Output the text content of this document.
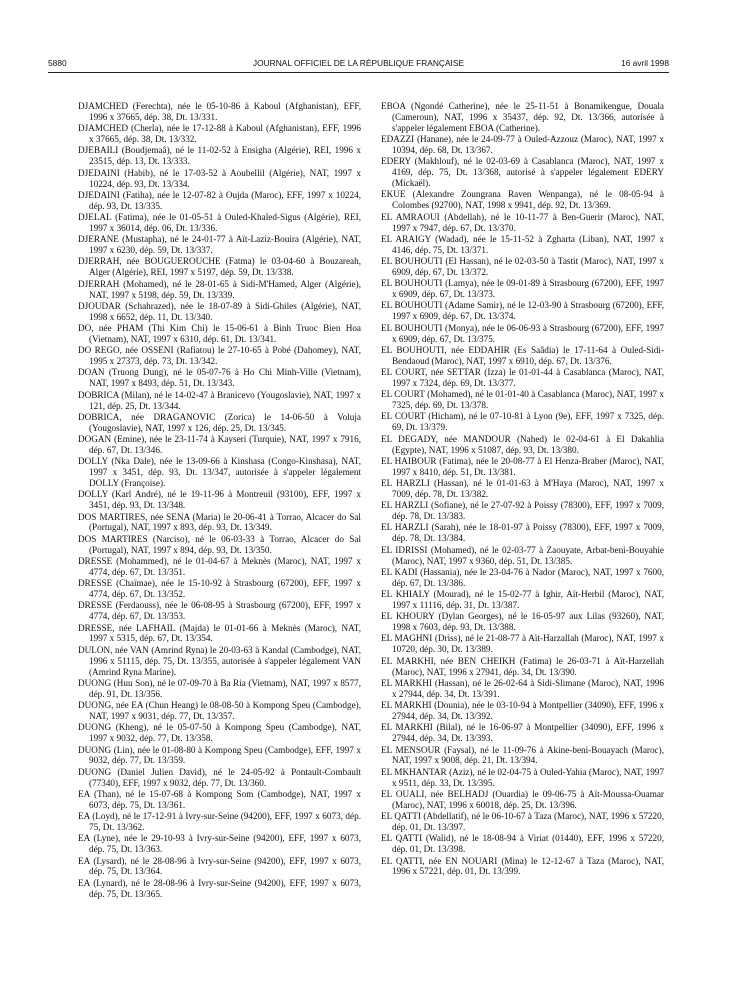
5880	JOURNAL OFFICIEL DE LA RÉPUBLIQUE FRANÇAISE	16 avril 1998

DJAMCHED (Ferechta), née le 05-10-86 à Kaboul (Afghanistan), EFF, 1996 x 37665, dép. 38, Dt. 13/331.

DJAMCHED (Cherla), née le 17-12-88 à Kaboul (Afghanistan), EFF, 1996 x 37665, dép. 38, Dt. 13/332.

DJEBAILI (Boudjemaâ), né le 11-02-52 à Ensigha (Algérie), REI, 1996 x 23515, dép. 13, Dt. 13/333.

DJEDAINI (Habib), né le 17-03-52 à Aoubellil (Algérie), NAT, 1997 x 10224, dép. 93, Dt. 13/334.

DJEDAINI (Fatiha), née le 12-07-82 à Oujda (Maroc), EFF, 1997 x 10224, dép. 93, Dt. 13/335.

DJELAL (Fatima), née le 01-05-51 à Ouled-Khaled-Sigus (Algérie), REI, 1997 x 36014, dép. 06, Dt. 13/336.

DJERANE (Mustapha), né le 24-01-77 à Aït-Laziz-Bouira (Algérie), NAT, 1997 x 6230, dép. 59, Dt. 13/337.

DJERRAH, née BOUGUEROUCHE (Fatma) le 03-04-60 à Bouzareah, Alger (Algérie), REI, 1997 x 5197, dép. 59, Dt. 13/338.

DJERRAH (Mohamed), né le 28-01-65 à Sidi-M'Hamed, Alger (Algérie), NAT, 1997 x 5198, dép. 59, Dt. 13/339.

DJOUDAR (Schahrazed), née le 18-07-89 à Sidi-Ghiles (Algérie), NAT, 1998 x 6652, dép. 11, Dt. 13/340.

DO, née PHAM (Thi Kim Chi) le 15-06-61 à Binh Truoc Bien Hoa (Vietnam), NAT, 1997 x 6310, dép. 61, Dt. 13/341.

DO REGO, née OSSENI (Rafiatou) le 27-10-65 à Pobé (Dahomey), NAT, 1995 x 27373, dép. 73, Dt. 13/342.

DOAN (Truong Dung), né le 05-07-76 à Ho Chi Minh-Ville (Vietnam), NAT, 1997 x 8493, dép. 51, Dt. 13/343.

DOBRICA (Milan), né le 14-02-47 à Branicevo (Yougoslavie), NAT, 1997 x 121, dép. 25, Dt. 13/344.

DOBRICA, née DRAGANOVIC (Zorica) le 14-06-50 à Voluja (Yougoslavie), NAT, 1997 x 126, dép. 25, Dt. 13/345.

DOGAN (Emine), née le 23-11-74 à Kayseri (Turquie), NAT, 1997 x 7916, dép. 67, Dt. 13/346.

DOLLY (Nka Dale), née le 13-09-66 à Kinshasa (Congo-Kinshasa), NAT, 1997 x 3451, dép. 93, Dt. 13/347, autorisée à s'appeler légalement DOLLY (Françoise).

DOLLY (Karl André), né le 19-11-96 à Montreuil (93100), EFF, 1997 x 3451, dép. 93, Dt. 13/348.

DOS MARTIRES, née SENA (Maria) le 20-06-41 à Torrao, Alcacer do Sal (Portugal), NAT, 1997 x 893, dép. 93, Dt. 13/349.

DOS MARTIRES (Narciso), né le 06-03-33 à Torrao, Alcacer do Sal (Portugal), NAT, 1997 x 894, dép. 93, Dt. 13/350.

DRESSE (Mohammed), né le 01-04-67 à Meknès (Maroc), NAT, 1997 x 4774, dép. 67, Dt. 13/351.

DRESSE (Chaïmae), née le 15-10-92 à Strasbourg (67200), EFF, 1997 x 4774, dép. 67, Dt. 13/352.

DRESSE (Ferdaouss), née le 06-08-95 à Strasbourg (67200), EFF, 1997 x 4774, dép. 67, Dt. 13/353.

DRESSE, née LAFHAIL (Majda) le 01-01-66 à Meknès (Maroc), NAT, 1997 x 5315, dép. 67, Dt. 13/354.

DULON, née VAN (Amrind Ryna) le 20-03-63 à Kandal (Cambodge), NAT, 1996 x 51115, dép. 75, Dt. 13/355, autorisée à s'appeler légalement VAN (Amrind Ryna Marine).

DUONG (Huu Son), né le 07-09-70 à Ba Ria (Vietnam), NAT, 1997 x 8577, dép. 91, Dt. 13/356.

DUONG, née EA (Chun Heang) le 08-08-50 à Kompong Speu (Cambodge), NAT, 1997 x 9031, dép. 77, Dt. 13/357.

DUONG (Kheng), né le 05-07-50 à Kompong Speu (Cambodge), NAT, 1997 x 9032, dép. 77, Dt. 13/358.

DUONG (Lin), née le 01-08-80 à Kompong Speu (Cambodge), EFF, 1997 x 9032, dép. 77, Dt. 13/359.

DUONG (Daniel Julien David), né le 24-05-92 à Pontault-Combault (77340), EFF, 1997 x 9032, dép. 77, Dt. 13/360.

EA (Than), né le 15-07-68 à Kompong Som (Cambodge), NAT, 1997 x 6073, dép. 75, Dt. 13/361.

EA (Loyd), né le 17-12-91 à Ivry-sur-Seine (94200), EFF, 1997 x 6073, dép. 75, Dt. 13/362.

EA (Lyne), née le 29-10-93 à Ivry-sur-Seine (94200), EFF, 1997 x 6073, dép. 75, Dt. 13/363.

EA (Lysard), né le 28-08-96 à Ivry-sur-Seine (94200), EFF, 1997 x 6073, dép. 75, Dt. 13/364.

EA (Lynard), né le 28-08-96 à Ivry-sur-Seine (94200), EFF, 1997 x 6073, dép. 75, Dt. 13/365.

EBOA (Ngondé Catherine), née le 25-11-51 à Bonamikengue, Douala (Cameroun), NAT, 1996 x 35437, dép. 92, Dt. 13/366, autorisée à s'appeler légalement EBOA (Catherine).

EDAZZI (Hanane), née le 24-09-77 à Ouled-Azzouz (Maroc), NAT, 1997 x 10394, dép. 68, Dt. 13/367.

EDERY (Makhlouf), né le 02-03-69 à Casablanca (Maroc), NAT, 1997 x 4169, dép. 75, Dt. 13/368, autorisé à s'appeler légalement EDERY (Mickaël).

EKUE (Alexandre Zoungrana Raven Wenpanga), né le 08-05-94 à Colombes (92700), NAT, 1998 x 9941, dép. 92, Dt. 13/369.

EL AMRAOUI (Abdellah), né le 10-11-77 à Ben-Guerir (Maroc), NAT, 1997 x 7947, dép. 67, Dt. 13/370.

EL ARAIGY (Wadad), née le 15-11-52 à Zgharta (Liban), NAT, 1997 x 4146, dép. 75, Dt. 13/371.

EL BOUHOUTI (El Hassan), né le 02-03-50 à Tastit (Maroc), NAT, 1997 x 6909, dép. 67, Dt. 13/372.

EL BOUHOUTI (Lamya), née le 09-01-89 à Strasbourg (67200), EFF, 1997 x 6909, dép. 67, Dt. 13/373.

EL BOUHOUTI (Adame Samir), né le 12-03-90 à Strasbourg (67200), EFF, 1997 x 6909, dép. 67, Dt. 13/374.

EL BOUHOUTI (Monya), née le 06-06-93 à Strasbourg (67200), EFF, 1997 x 6909, dép. 67, Dt. 13/375.

EL BOUHOUTI, née EDDAHIR (Es Saâdia) le 17-11-64 à Ouled-Sidi-Bendaoud (Maroc), NAT, 1997 x 6910, dép. 67, Dt. 13/376.

EL COURT, née SETTAR (Izza) le 01-01-44 à Casablanca (Maroc), NAT, 1997 x 7324, dép. 69, Dt. 13/377.

EL COURT (Mohamed), né le 01-01-40 à Casablanca (Maroc), NAT, 1997 x 7325, dép. 69, Dt. 13/378.

EL COURT (Hicham), né le 07-10-81 à Lyon (9e), EFF, 1997 x 7325, dép. 69, Dt. 13/379.

EL DEGADY, née MANDOUR (Nahed) le 02-04-61 à El Dakahlia (Egypte), NAT, 1996 x 51087, dép. 93, Dt. 13/380.

EL HAIBOUR (Fatima), née le 20-08-77 à El Henza-Braber (Maroc), NAT, 1997 x 8410, dép. 51, Dt. 13/381.

EL HARZLI (Hassan), né le 01-01-63 à M'Haya (Maroc), NAT, 1997 x 7009, dép. 78, Dt. 13/382.

EL HARZLI (Sofiane), né le 27-07-92 à Poissy (78300), EFF, 1997 x 7009, dép. 78, Dt. 13/383.

EL HARZLI (Sarah), née le 18-01-97 à Poissy (78300), EFF, 1997 x 7009, dép. 78, Dt. 13/384.

EL IDRISSI (Mohamed), né le 02-03-77 à Zaouyate, Arbat-beni-Bouyahie (Maroc), NAT, 1997 x 9360, dép. 51, Dt. 13/385.

EL KADI (Hassania), née le 23-04-76 à Nador (Maroc), NAT, 1997 x 7600, dép. 67, Dt. 13/386.

EL KHIALY (Mourad), né le 15-02-77 à Ighir, Aït-Herbil (Maroc), NAT, 1997 x 11116, dép. 31, Dt. 13/387.

EL KHOURY (Dylan Georges), né le 16-05-97 aux Lilas (93260), NAT, 1998 x 7603, dép. 93, Dt. 13/388.

EL MAGHNI (Driss), né le 21-08-77 à Aït-Harzallah (Maroc), NAT, 1997 x 10720, dép. 30, Dt. 13/389.

EL MARKHI, née BEN CHEIKH (Fatima) le 26-03-71 à Aït-Harzellah (Maroc), NAT, 1996 x 27941, dép. 34, Dt. 13/390.

EL MARKHI (Hassan), né le 26-02-64 à Sidi-Slimane (Maroc), NAT, 1996 x 27944, dép. 34, Dt. 13/391.

EL MARKHI (Dounia), née le 03-10-94 à Montpellier (34090), EFF, 1996 x 27944, dép. 34, Dt. 13/392.

EL MARKHI (Bilal), né le 16-06-97 à Montpellier (34090), EFF, 1996 x 27944, dép. 34, Dt. 13/393.

EL MENSOUR (Faysal), né le 11-09-76 à Akine-beni-Bouayach (Maroc), NAT, 1997 x 9008, dép. 21, Dt. 13/394.

EL MKHANTAR (Aziz), né le 02-04-75 à Ouled-Yahia (Maroc), NAT, 1997 x 9511, dép. 33, Dt. 13/395.

EL OUALI, née BELHADJ (Ouardia) le 09-06-75 à Aït-Moussa-Ouamar (Maroc), NAT, 1996 x 60018, dép. 25, Dt. 13/396.

EL QATTI (Abdellatif), né le 06-10-67 à Taza (Maroc), NAT, 1996 x 57220, dép. 01, Dt. 13/397.

EL QATTI (Walid), né le 18-08-94 à Viriat (01440), EFF, 1996 x 57220, dép. 01, Dt. 13/398.

EL QATTI, née EN NOUARI (Mina) le 12-12-67 à Taza (Maroc), NAT, 1996 x 57221, dép. 01, Dt. 13/399.
